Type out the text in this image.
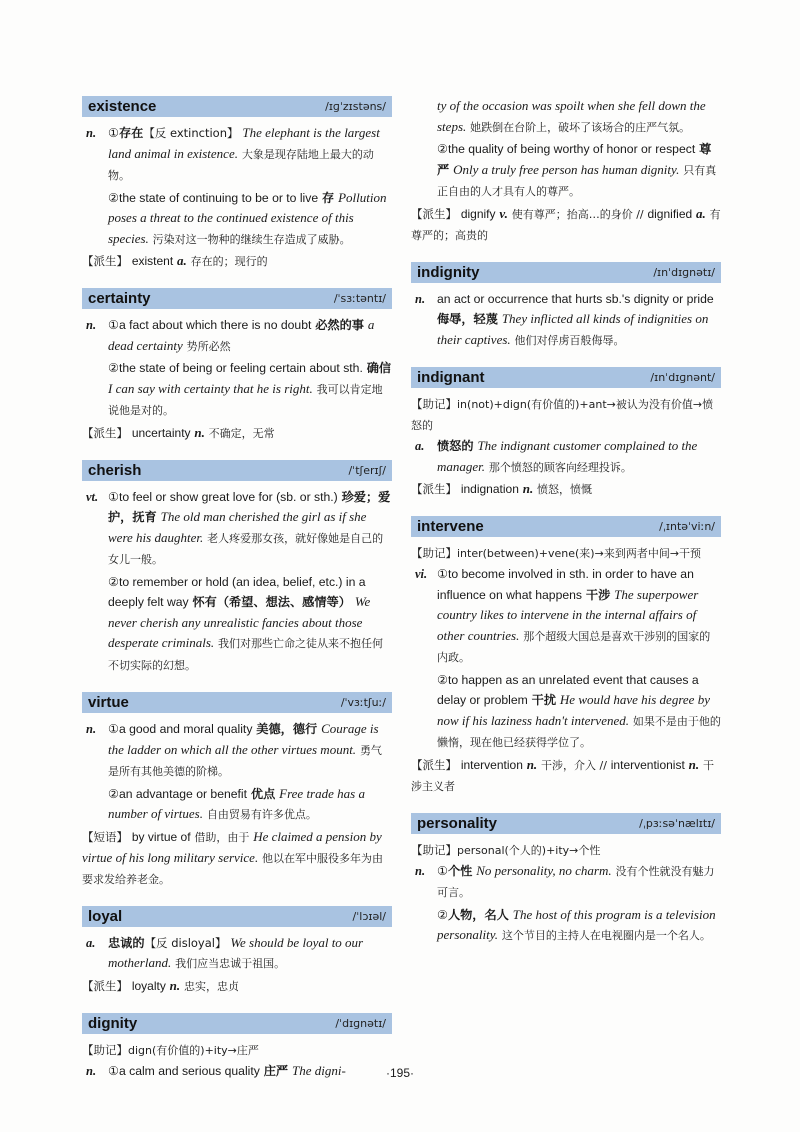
existence	/ɪɡˈzɪstəns/

n. ①存在【反 extinction】 The elephant is the largest land animal in existence. 大象是现存陆地上最大的动物。

②the state of continuing to be or to live 存 Pollution poses a threat to the continued existence of this species. 污染对这一物种的继续生存造成了威胁。

【派生】 existent a. 存在的；现行的

certainty	/ˈsɜːtəntɪ/

n. ①a fact about which there is no doubt 必然的事 a dead certainty 势所必然

②the state of being or feeling certain about sth. 确信 I can say with certainty that he is right. 我可以肯定地说他是对的。

【派生】 uncertainty n. 不确定，无常

cherish	/ˈtʃerɪʃ/

vt. ①to feel or show great love for (sb. or sth.) 珍爱；爱护，抚育 The old man cherished the girl as if she were his daughter. 老人疼爱那女孩，就好像她是自己的女儿一般。

②to remember or hold (an idea, belief, etc.) in a deeply felt way 怀有（希望、想法、感情等） We never cherish any unrealistic fancies about those desperate criminals. 我们对那些亡命之徒从来不抱任何不切实际的幻想。

virtue	/ˈvɜːtʃuː/

n. ①a good and moral quality 美德，德行 Courage is the ladder on which all the other virtues mount. 勇气是所有其他美德的阶梯。

②an advantage or benefit 优点 Free trade has a number of virtues. 自由贸易有许多优点。

【短语】 by virtue of 借助，由于 He claimed a pension by virtue of his long military service. 他以在军中服役多年为由要求发给养老金。

loyal	/ˈlɔɪəl/

a. 忠诚的【反 disloyal】 We should be loyal to our motherland. 我们应当忠诚于祖国。

【派生】 loyalty n. 忠实，忠贞

dignity	/ˈdɪɡnətɪ/

【助记】dign(有价值的)+ity→庄严

n. ①a calm and serious quality 庄严 The digni-

ty of the occasion was spoilt when she fell down the steps. 她跌倒在台阶上，破坏了该场合的庄严气氛。

②the quality of being worthy of honor or respect 尊严 Only a truly free person has human dignity. 只有真正自由的人才具有人的尊严。

【派生】 dignify v. 使有尊严；抬高…的身价 // dignified a. 有尊严的；高贵的

indignity	/ɪnˈdɪɡnətɪ/

n. an act or occurrence that hurts sb.'s dignity or pride 侮辱，轻蔑 They inflicted all kinds of indignities on their captives. 他们对俘虏百般侮辱。

indignant	/ɪnˈdɪɡnənt/

【助记】in(not)+dign(有价值的)+ant→被认为没有价值→愤怒的

a. 愤怒的 The indignant customer complained to the manager. 那个愤怒的顾客向经理投诉。

【派生】 indignation n. 愤怒，愤慨

intervene	/ˌɪntəˈviːn/

【助记】inter(between)+vene(来)→来到两者中间→干预

vi. ①to become involved in sth. in order to have an influence on what happens 干涉 The superpower country likes to intervene in the internal affairs of other countries. 那个超级大国总是喜欢干涉别的国家的内政。

②to happen as an unrelated event that causes a delay or problem 干扰 He would have his degree by now if his laziness hadn't intervened. 如果不是由于他的懒惰，现在他已经获得学位了。

【派生】 intervention n. 干涉，介入 // interventionist n. 干涉主义者

personality	/ˌpɜːsəˈnælɪtɪ/

【助记】personal(个人的)+ity→个性

n. ①个性 No personality, no charm. 没有个性就没有魅力可言。

②人物，名人 The host of this program is a television personality. 这个节目的主持人在电视圈内是一个名人。

·195·
